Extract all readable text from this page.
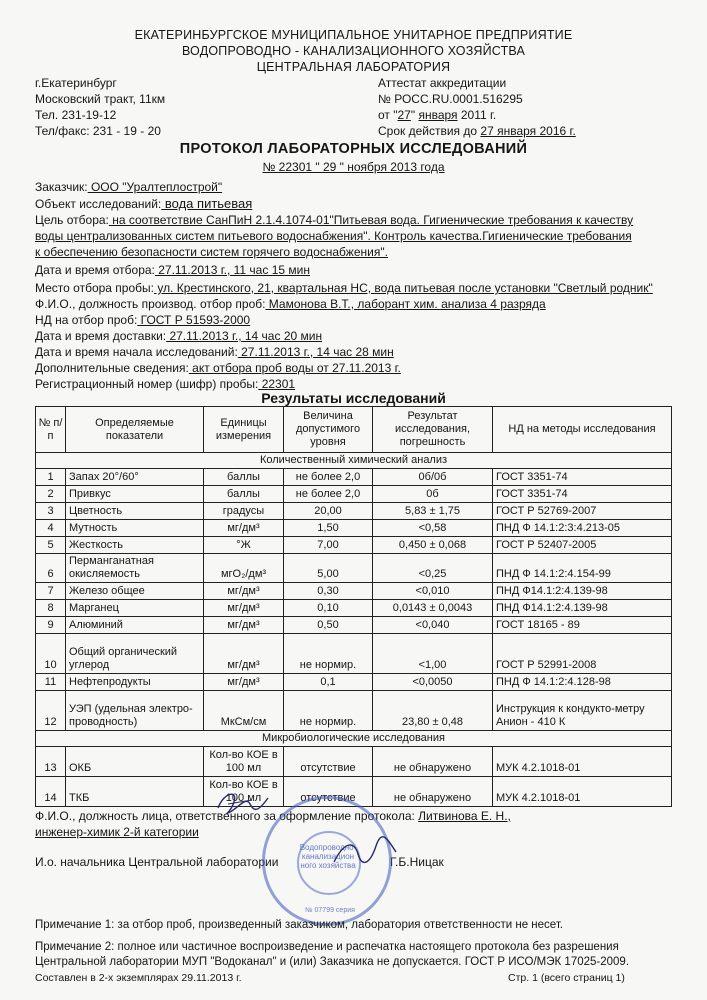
ЕКАТЕРИНБУРГСКОЕ МУНИЦИПАЛЬНОЕ УНИТАРНОЕ ПРЕДПРИЯТИЕ
ВОДОПРОВОДНО - КАНАЛИЗАЦИОННОГО ХОЗЯЙСТВА
ЦЕНТРАЛЬНАЯ ЛАБОРАТОРИЯ
г.Екатеринбург
Московский тракт, 11км
Тел. 231-19-12
Тел/факс: 231 - 19 - 20
Аттестат аккредитации
№ РОСС.RU.0001.516295
от "27" января 2011 г.
Срок действия до 27 января 2016 г.
ПРОТОКОЛ ЛАБОРАТОРНЫХ ИССЛЕДОВАНИЙ
№ 22301 " 29 " ноября 2013 года
Заказчик: ООО "Уралтеплострой"
Объект исследований: вода питьевая
Цель отбора: на соответствие СанПиН 2.1.4.1074-01"Питьевая вода. Гигиенические требования к качеству
воды централизованных систем питьевого водоснабжения". Контроль качества.Гигиенические требования
к обеспечению безопасности систем горячего водоснабжения".
Дата и время отбора: 27.11.2013 г., 11 час 15 мин
Место отбора пробы: ул. Крестинского, 21, квартальная НС, вода питьевая после установки "Светлый родник"
Ф.И.О., должность производ. отбор проб: Мамонова В.Т., лаборант хим. анализа 4 разряда
НД на отбор проб: ГОСТ Р 51593-2000
Дата и время доставки: 27.11.2013 г., 14 час 20 мин
Дата и время начала исследований: 27.11.2013 г., 14 час 28 мин
Дополнительные сведения: акт отбора проб воды от 27.11.2013 г.
Регистрационный номер (шифр) пробы: 22301
Результаты исследований
№ п/п	Определяемые показатели	Единицы измерения	Величина допустимого уровня	Результат исследования, погрешность	НД на методы исследования
Количественный химический анализ					
1	Запах 20°/60°	баллы	не более 2,0	0б/0б	ГОСТ 3351-74
2	Привкус	баллы	не более 2,0	0б	ГОСТ 3351-74
3	Цветность	градусы	20,00	5,83 ± 1,75	ГОСТ Р 52769-2007
4	Мутность	мг/дм³	1,50	<0,58	ПНД Ф 14.1:2:3:4.213-05
5	Жесткость	°Ж	7,00	0,450 ± 0,068	ГОСТ Р 52407-2005
6	Перманганатная окисляемость	мгО₂/дм³	5,00	<0,25	ПНД Ф 14.1:2:4.154-99
7	Железо общее	мг/дм³	0,30	<0,010	ПНД Ф14.1:2:4.139-98
8	Марганец	мг/дм³	0,10	0,0143 ± 0,0043	ПНД Ф14.1:2:4.139-98
9	Алюминий	мг/дм³	0,50	<0,040	ГОСТ 18165 - 89
10	Общий органический углерод	мг/дм³	не нормир.	<1,00	ГОСТ Р 52991-2008
11	Нефтепродукты	мг/дм³	0,1	<0,0050	ПНД Ф 14.1:2:4.128-98
12	УЭП (удельная электро-проводность)	МкСм/см	не нормир.	23,80 ± 0,48	Инструкция к кондукто-метру Анион - 410 К
Микробиологические исследования					
13	ОКБ	Кол-во КОЕ в 100 мл	отсутствие	не обнаружено	МУК 4.2.1018-01
14	ТКБ	Кол-во КОЕ в 100 мл	отсутствие	не обнаружено	МУК 4.2.1018-01
Ф.И.О., должность лица, ответственного за оформление протокола: Литвинова Е. Н.,
инженер-химик 2-й категории
И.о. начальника Центральной лаборатории	Г.Б.Ницак
Водопроводно-канализацион ного хозяйства
№ 07799 серия
Примечание 1: за отбор проб, произведенный заказчиком, лаборатория ответственности не несет.
Примечание 2: полное или частичное воспроизведение и распечатка настоящего протокола без разрешения
Центральной лаборатории МУП "Водоканал" и (или) Заказчика не допускается. ГОСТ Р ИСО/МЭК 17025-2009.
Составлен в 2-х экземплярах 29.11.2013 г.	Стр. 1 (всего страниц 1)
